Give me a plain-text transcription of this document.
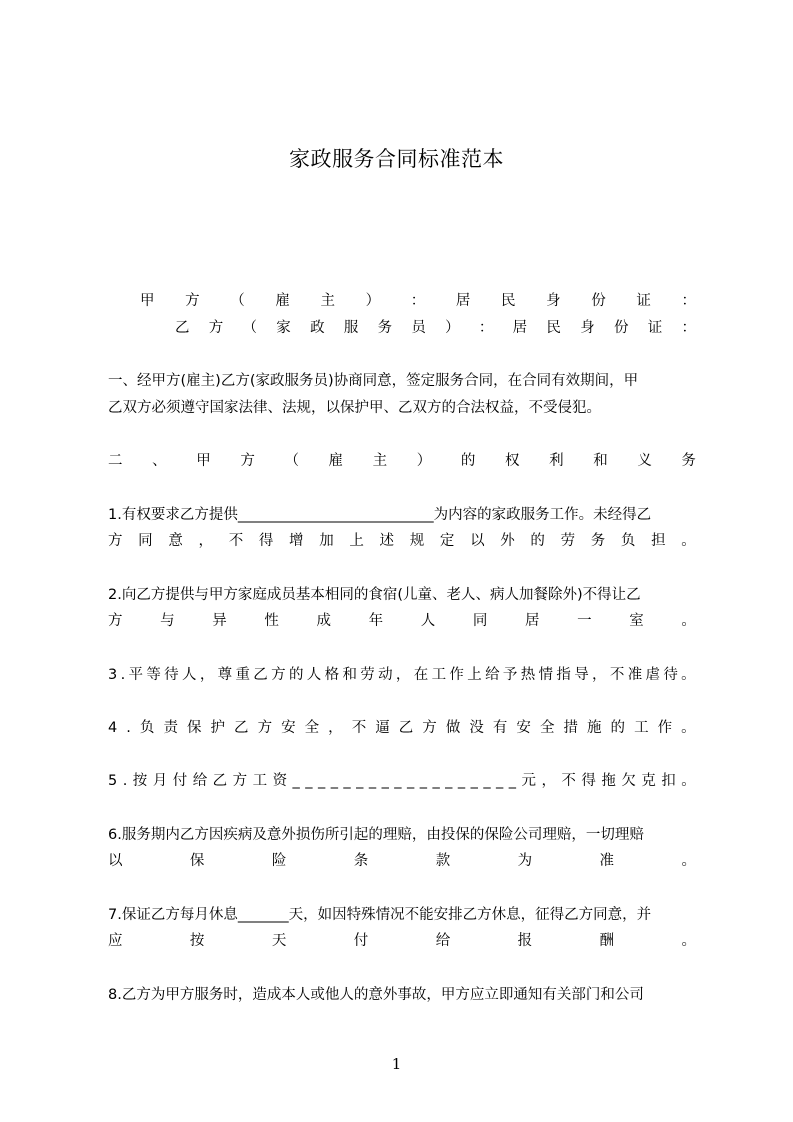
家政服务合同标准范本
甲 方 （ 雇 主 ） ： 居 民 身 份 证 ：
乙 方 （ 家 政 服 务 员 ） ： 居 民 身 份 证 ：
一、经甲方(雇主)乙方(家政服务员)协商同意，签定服务合同，在合同有效期间，甲
乙双方必须遵守国家法律、法规，以保护甲、乙双方的合法权益，不受侵犯。
二 、 甲 方 （ 雇 主 ） 的 权 利 和 义 务
1.有权要求乙方提供___________________________为内容的家政服务工作。未经得乙
方 同 意 ， 不 得 增 加 上 述 规 定 以 外 的 劳 务 负 担 。
2.向乙方提供与甲方家庭成员基本相同的食宿(儿童、老人、病人加餐除外)不得让乙
方	与	异	性	成	年	人	同	居	一	室	。
3 . 平 等 待 人 ， 尊 重 乙 方 的 人 格 和 劳 动 ， 在 工 作 上 给 予 热 情 指 导 ， 不 准 虐 待 。
4 . 负 责 保 护 乙 方 安 全 ， 不 逼 乙 方 做 没 有 安 全 措 施 的 工 作 。
5 . 按 月 付 给 乙 方 工 资 _ _ _ _ _ _ _ _ _ _ _ _ _ _ _ _ _ _ 元 ， 不 得 拖 欠 克 扣 。
6.服务期内乙方因疾病及意外损伤所引起的理赔，由投保的保险公司理赔，一切理赔
以	保	险	条	款	为	准	。
7.保证乙方每月休息_______天，如因特殊情况不能安排乙方休息，征得乙方同意，并
应	按	天	付	给	报	酬	。
8.乙方为甲方服务时，造成本人或他人的意外事故，甲方应立即通知有关部门和公司
1
